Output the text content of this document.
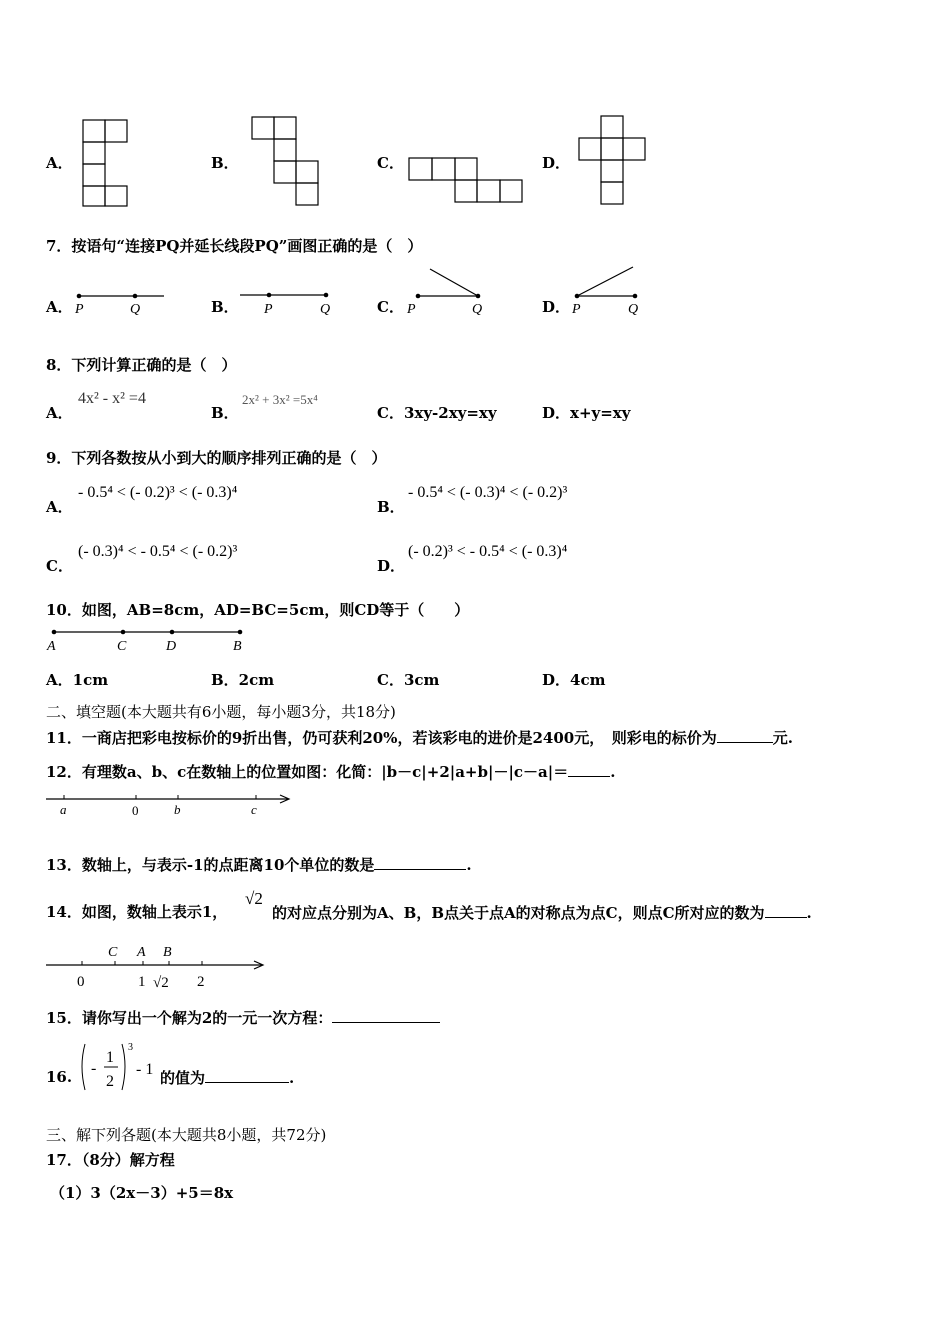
A．	B．	C．	D．
7．按语句“连接PQ并延长线段PQ”画图正确的是（　）
A． P	Q	B． P	Q	C． P	Q	D． P	Q
8．下列计算正确的是（　）
A．
4x² - x² =4
B．
2x² + 3x² =5x⁴
C．3xy-2xy=xy	D．x+y=xy
9．下列各数按从小到大的顺序排列正确的是（　）
A．
- 0.5⁴ < (- 0.2)³ < (- 0.3)⁴
B．
- 0.5⁴ < (- 0.3)⁴ < (- 0.2)³
C．
(- 0.3)⁴ < - 0.5⁴ < (- 0.2)³
D．
(- 0.2)³ < - 0.5⁴ < (- 0.3)⁴
10．如图，AB=8cm，AD=BC=5cm，则CD等于（　　）
A	C	D	B
A．1cm	B．2cm	C．3cm	D．4cm
二、填空题(本大题共有6小题，每小题3分，共18分)
11．一商店把彩电按标价的9折出售，仍可获利20%，若该彩电的进价是2400元，　则彩电的标价为	元.
12．有理数a、b、c在数轴上的位置如图：化简：|b－c|+2|a+b|－|c－a|＝	.
a	0	b	c
13．数轴上，与表示-1的点距离10个单位的数是	.
14．如图，数轴上表示1，
√2
的对应点分别为A、B，B点关于点A的对称点为点C，则点C所对应的数为	.
C A B
0	1 √2 2
15．请你写出一个解为2的一元一次方程：
16. -
1
2
3
- 1 的值为	.
三、解下列各题(本大题共8小题，共72分)
17．（8分）解方程
（1）3（2x－3）+5＝8x
